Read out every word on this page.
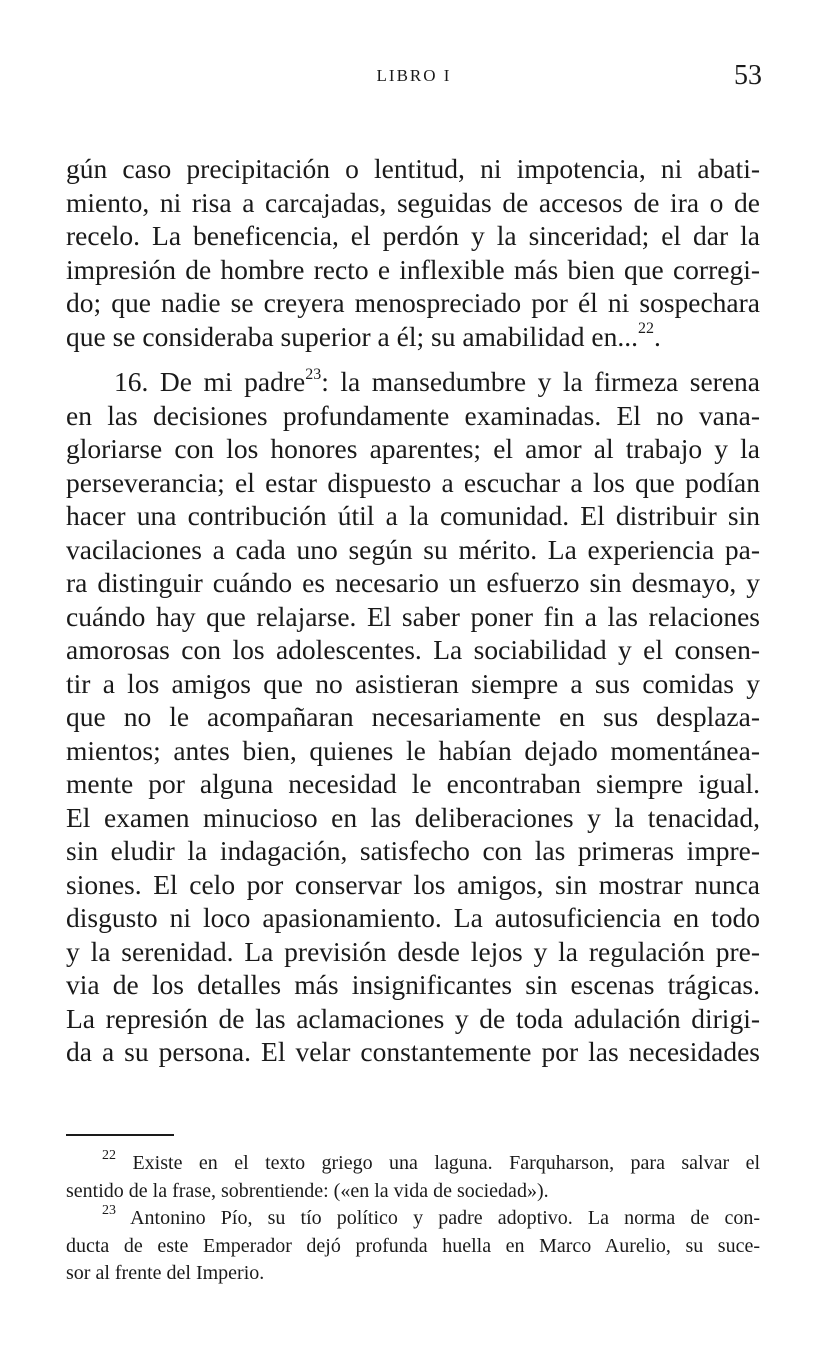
LIBRO I	53
gún caso precipitación o lentitud, ni impotencia, ni abati-
miento, ni risa a carcajadas, seguidas de accesos de ira o de
recelo. La beneficencia, el perdón y la sinceridad; el dar la
impresión de hombre recto e inflexible más bien que corregi-
do; que nadie se creyera menospreciado por él ni sospechara
que se consideraba superior a él; su amabilidad en...$^{22}$.
16. De mi padre$^{23}$: la mansedumbre y la firmeza serena
en las decisiones profundamente examinadas. El no vana-
gloriarse con los honores aparentes; el amor al trabajo y la
perseverancia; el estar dispuesto a escuchar a los que podían
hacer una contribución útil a la comunidad. El distribuir sin
vacilaciones a cada uno según su mérito. La experiencia pa-
ra distinguir cuándo es necesario un esfuerzo sin desmayo, y
cuándo hay que relajarse. El saber poner fin a las relaciones
amorosas con los adolescentes. La sociabilidad y el consen-
tir a los amigos que no asistieran siempre a sus comidas y
que no le acompañaran necesariamente en sus desplaza-
mientos; antes bien, quienes le habían dejado momentánea-
mente por alguna necesidad le encontraban siempre igual.
El examen minucioso en las deliberaciones y la tenacidad,
sin eludir la indagación, satisfecho con las primeras impre-
siones. El celo por conservar los amigos, sin mostrar nunca
disgusto ni loco apasionamiento. La autosuficiencia en todo
y la serenidad. La previsión desde lejos y la regulación pre-
via de los detalles más insignificantes sin escenas trágicas.
La represión de las aclamaciones y de toda adulación dirigi-
da a su persona. El velar constantemente por las necesidades
$^{22}$ Existe en el texto griego una laguna. Farquharson, para salvar el
sentido de la frase, sobrentiende: («en la vida de sociedad»).
$^{23}$ Antonino Pío, su tío político y padre adoptivo. La norma de con-
ducta de este Emperador dejó profunda huella en Marco Aurelio, su suce-
sor al frente del Imperio.
